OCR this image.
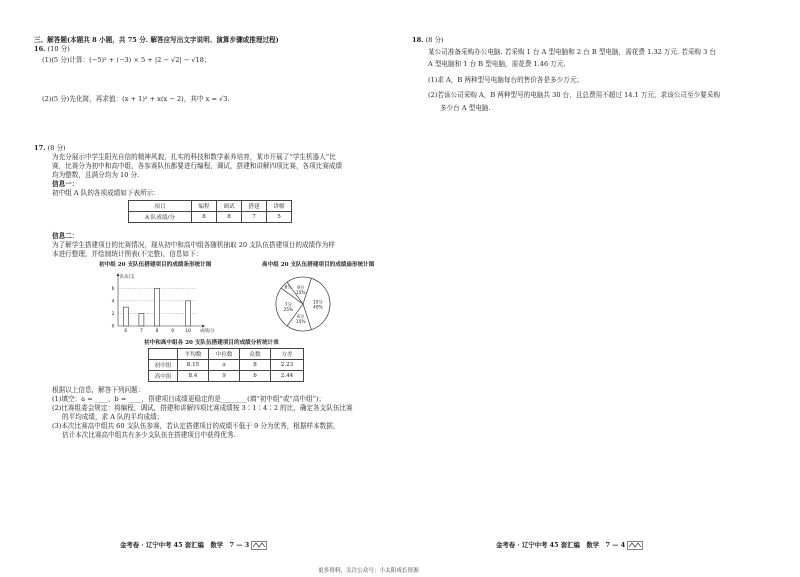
三、解答题(本题共 8 小题，共 75 分. 解答应写出文字说明、演算步骤或推理过程)
16. (10 分)
(1)(5 分)计算：(−5)² + (−3) × 5 + |2 − √2| − √18；
(2)(5 分)先化简，再求值：(x + 1)² + x(x − 2)，其中 x = √3.
17. (8 分)
为充分展示中学生阳光自信的精神风貌，扎实的科技和数学素养培育，某市开展了“学生机器人”比
赛，比赛分为初中和高中组，各参赛队伍都要进行编程，调试，搭建和讲解四项比赛，各项比赛成绩
均为整数，且满分均为 10 分.
信息一：
初中组 A 队的各项成绩如下表所示：
项目	编程	调试	搭建	讲解
A 队成绩/分	8	8	7	5
信息二：
为了解学生搭建项目的比赛情况，现从初中和高中组各随机抽取 20 支队伍搭建项目的成绩作为样
本进行整理，并绘制统计图表(不完整)，信息如下：
初中组 20 支队伍搭建项目的成绩条形统计图	高中组 20 支队伍搭建项目的成绩扇形统计图
队伍/支
成绩/分
0
2
4
6
6	7	8	9	10
10分
40%
6分
15%
7分
25%
8分 9分
15%
初中和高中组各 20 支队伍搭建项目的成绩分析统计表
	平均数	中位数	众数	方差
初中组	8.15	a	8	2.23
高中组	8.4	9	b	2.44
根据以上信息，解答下列问题：
(1)填空：a = ____，b = ____，搭建项目成绩更稳定的是________(填“初中组”或“高中组”)；
(2)比赛组委会规定：将编程，调试，搭建和讲解四项比赛成绩按 3∶1∶4∶2 的比，确定各支队伍比赛
的平均成绩，求 A 队的平均成绩；
(3)本次比赛高中组共 60 支队伍参赛，若认定搭建项目的成绩不低于 9 分为优秀，根据样本数据，
估计本次比赛高中组共有多少支队伍在搭建项目中获得优秀.
金考卷 · 辽宁中考 45 套汇编　数学　7 — 3
18. (8 分)
某公司准备采购办公电脑. 若采购 1 台 A 型电脑和 2 台 B 型电脑，需花费 1.32 万元. 若采购 3 台
A 型电脑和 1 台 B 型电脑，需花费 1.46 万元.
(1)求 A，B 两种型号电脑每台的售价各是多少万元；
(2)若该公司采购 A，B 两种型号的电脑共 30 台，且总费用不超过 14.1 万元，求该公司至少要采购
多少台 A 型电脑.
金考卷 · 辽宁中考 45 套汇编　数学　7 — 4
更多资料，关注公众号：小太阳成长资源
